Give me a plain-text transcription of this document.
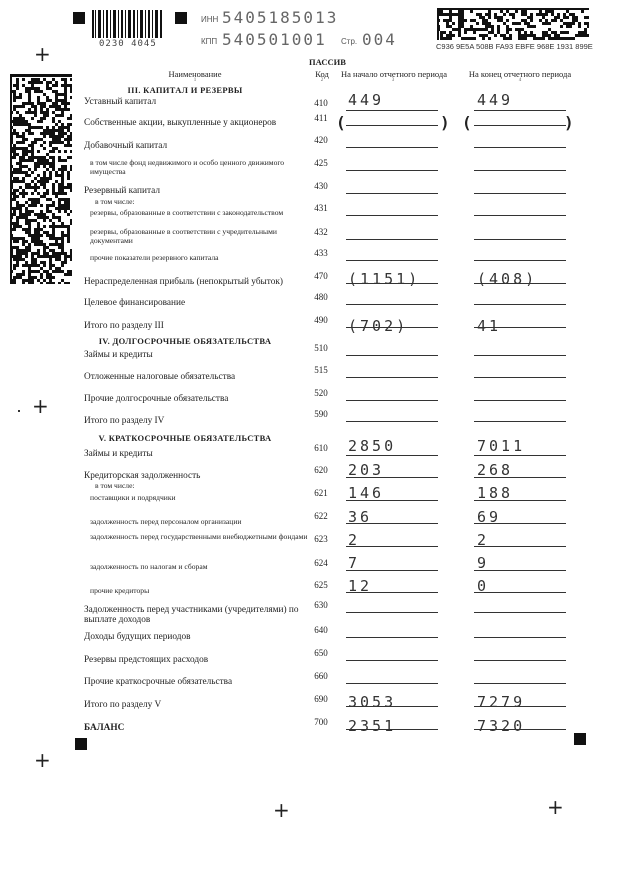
+
+
+
+	+
0230 4045
ИНН 5405185013
КПП 540501001 Стр. 004	C936 9E5A 508B FA93 EBFE 968E 1931 899E
ПАССИВ
Наименование
1
Код
2
На начало отчетного периода
3
На конец отчетного периода
4
III. КАПИТАЛ И РЕЗЕРВЫ
Уставный капитал	410	449	449
Собственные акции, выкупленные у акционеров	411 (	) (	)
Добавочный капитал
420
в том числе фонд недвижимого и особо ценного движимого имущества
425
Резервный капитал	430
в том числе:
резервы, образованные в соответствии с законодательством	431
резервы, образованные в соответствии с учредительными документами
432
прочие показатели резервного капитала	433
Нераспределенная прибыль (непокрытый убыток)
470	(1151)	(408)
Целевое финансирование
480
Итого по разделу III
490	(702)	41
IV. ДОЛГОСРОЧНЫЕ ОБЯЗАТЕЛЬСТВА
Займы и кредиты
510
Отложенные налоговые обязательства
515
Прочие долгосрочные обязательства
520
Итого по разделу IV
590
V. КРАТКОСРОЧНЫЕ ОБЯЗАТЕЛЬСТВА
Займы и кредиты
610	2850	7011
Кредиторская задолженность
620	203	268
в том числе:
поставщики и подрядчики	621	146	188
задолженность перед персоналом организации
622	36	69
задолженность перед государственными внебюджетными фондами 623	2	2
задолженность по налогам и сборам	624	7	9
прочие кредиторы
625	12	0
Задолженность перед участниками (учредителями) по выплате доходов
630
Доходы будущих периодов
640
Резервы предстоящих расходов
650
Прочие краткосрочные обязательства
660
Итого по разделу V
690	3053	7279
БАЛАНС
700	2351	7320
